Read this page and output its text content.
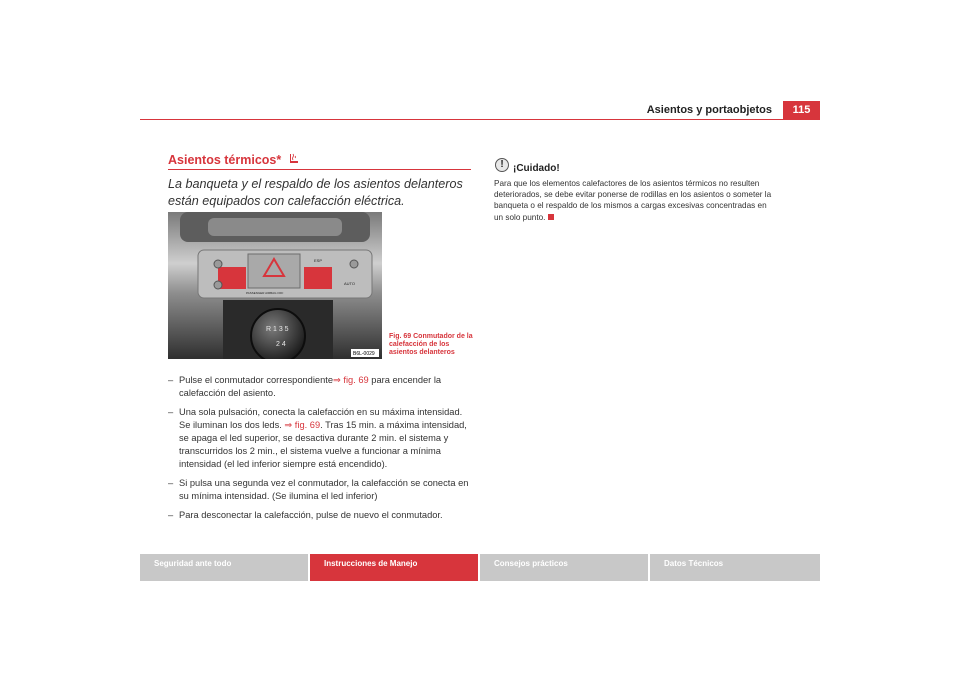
Asientos y portaobjetos	115
Asientos térmicos*
La banqueta y el respaldo de los asientos delanteros están equipados con calefacción eléctrica.
ESP
AUTO
PASSENGER AIRBAG OFF
R 1 3 5
2 4
B6L-0029
Fig. 69 Conmutador de la calefacción de los asientos delanteros
– Pulse el conmutador correspondiente⇒ fig. 69 para encender la calefacción del asiento.
– Una sola pulsación, conecta la calefacción en su máxima intensidad. Se iluminan los dos leds. ⇒ fig. 69. Tras 15 min. a máxima intensidad, se apaga el led superior, se desactiva durante 2 min. el sistema y transcurridos los 2 min., el sistema vuelve a funcionar a mínima intensidad (el led inferior siempre está encendido).
– Si pulsa una segunda vez el conmutador, la calefacción se conecta en su mínima intensidad. (Se ilumina el led inferior)
– Para desconectar la calefacción, pulse de nuevo el conmutador.
! ¡Cuidado!
Para que los elementos calefactores de los asientos térmicos no resulten deteriorados, se debe evitar ponerse de rodillas en los asientos o someter la banqueta o el respaldo de los mismos a cargas excesivas concentradas en un solo punto.
Seguridad ante todo	Instrucciones de Manejo	Consejos prácticos	Datos Técnicos
